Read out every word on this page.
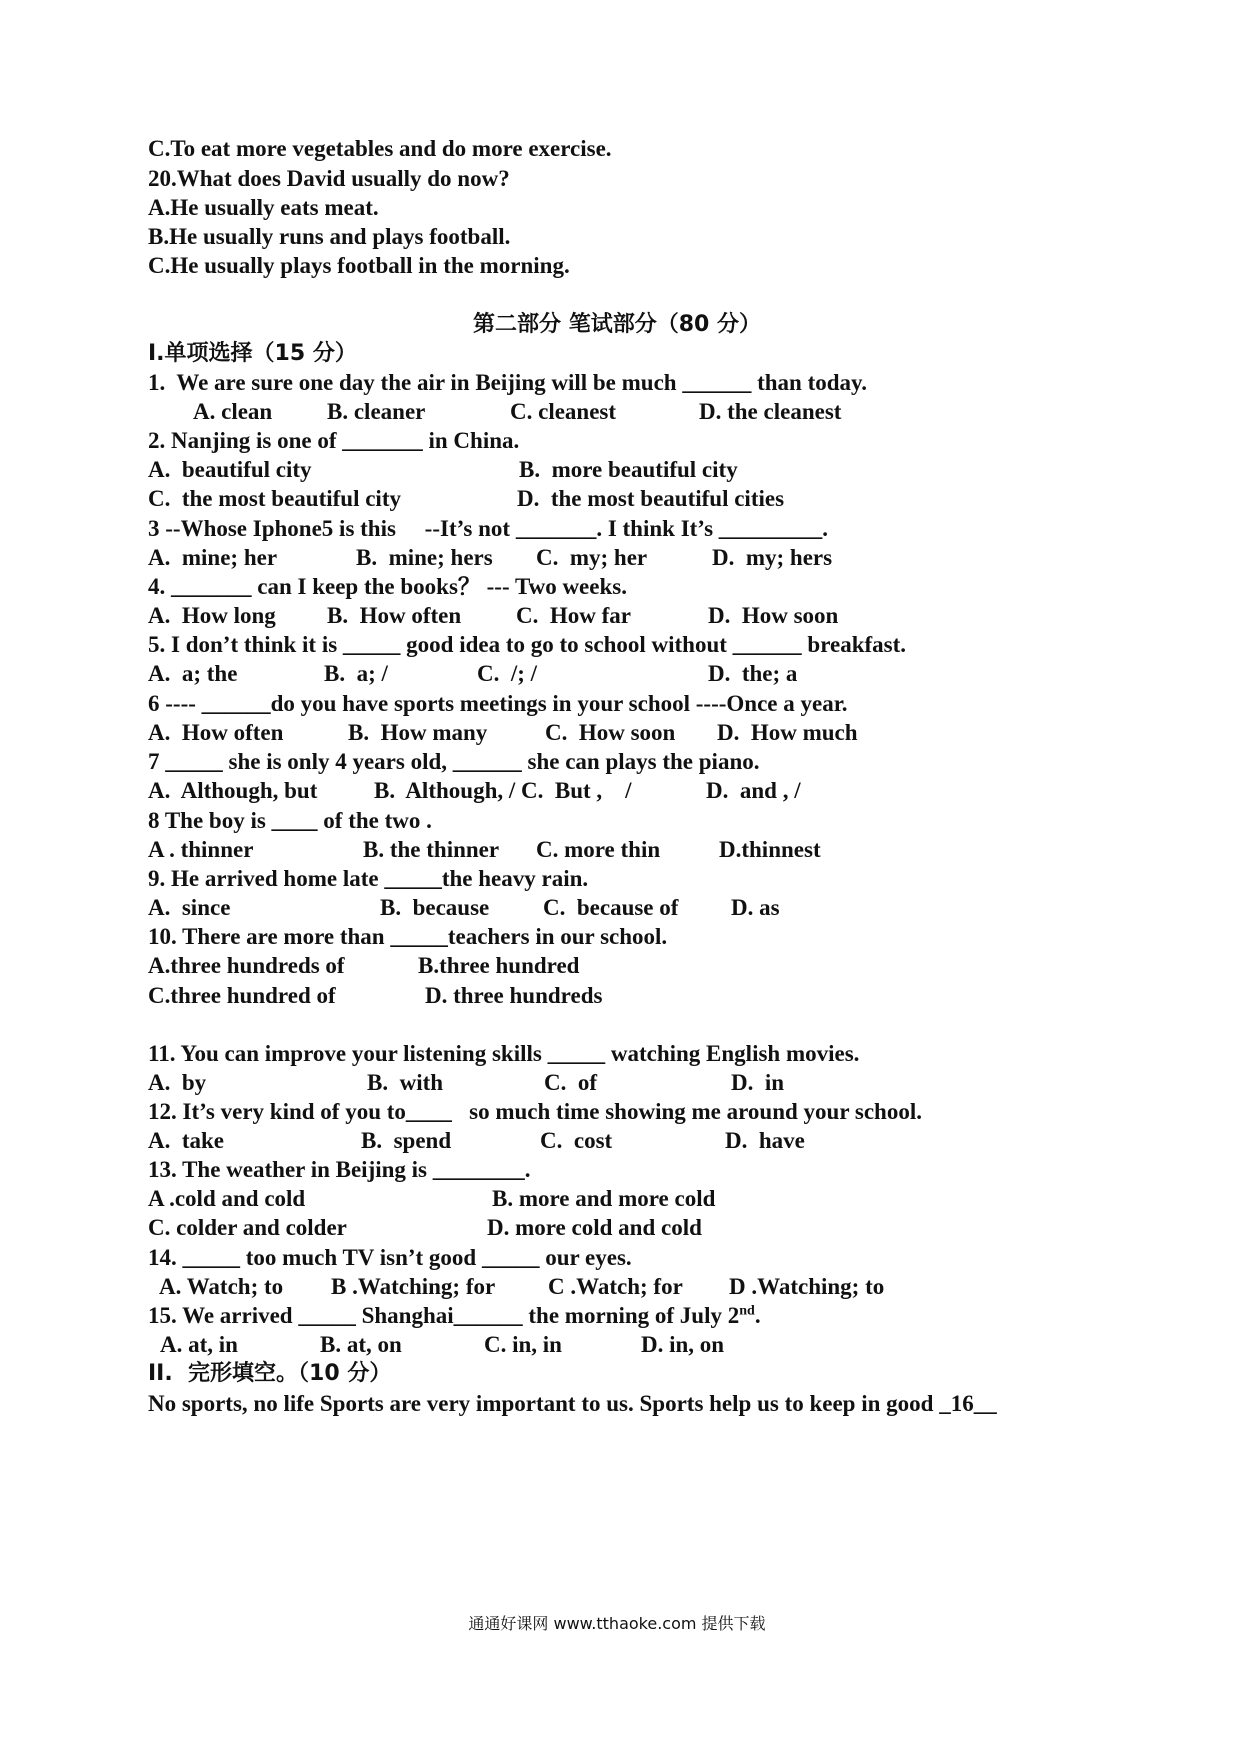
C.To eat more vegetables and do more exercise.
20.What does David usually do now?
A.He usually eats meat.
B.He usually runs and plays football.
C.He usually plays football in the morning.
第二部分 笔试部分（80 分）
Ⅰ.单项选择（15 分）
1.  We are sure one day the air in Beijing will be much ______ than today.
A. clean B. cleaner	C. cleanest	D. the cleanest
2. Nanjing is one of _______ in China.
A.  beautiful city	B.  more beautiful city
C.  the most beautiful city	D.  the most beautiful cities
3 --Whose Iphone5 is this     --It’s not _______. I think It’s _________.
A.  mine; her	B.  mine; hers C.  my; her	D.  my; hers
4. _______ can I keep the books？ --- Two weeks.
A.  How long B.  How often C.  How far	D.  How soon
5. I don’t think it is _____ good idea to go to school without ______ breakfast.
A.  a; the	B.  a; /	C.  /; /	D.  the; a
6 ---- ______do you have sports meetings in your school ----Once a year.
A.  How often	B.  How many	C.  How soon D.  How much
7 _____ she is only 4 years old, ______ she can plays the piano.
A.  Although, but B.  Although, / C.  But ,    /	D.  and , /
8 The boy is ____ of the two .
A . thinner	B. the thinner C. more thin	D.thinnest
9. He arrived home late _____the heavy rain.
A.  since	B.  because C.  because of D. as
10. There are more than _____teachers in our school.
A.three hundreds of	B.three hundred
C.three hundred of	D. three hundreds
11. You can improve your listening skills _____ watching English movies.
A.  by	B.  with	C.  of	D.  in
12. It’s very kind of you to____   so much time showing me around your school.
A.  take	B.  spend	C.  cost	D.  have
13. The weather in Beijing is ________.
A .cold and cold	B. more and more cold
C. colder and colder	D. more cold and cold
14. _____ too much TV isn’t good _____ our eyes.
A. Watch; to B .Watching; for C .Watch; for D .Watching; to
15. We arrived _____ Shanghai______ the morning of July 2nd.
A. at, in	B. at, on	C. in, in	D. in, on
II.  完形填空。（10 分）
No sports, no life Sports are very important to us. Sports help us to keep in good _16__
通通好课网 www.tthaoke.com 提供下载
